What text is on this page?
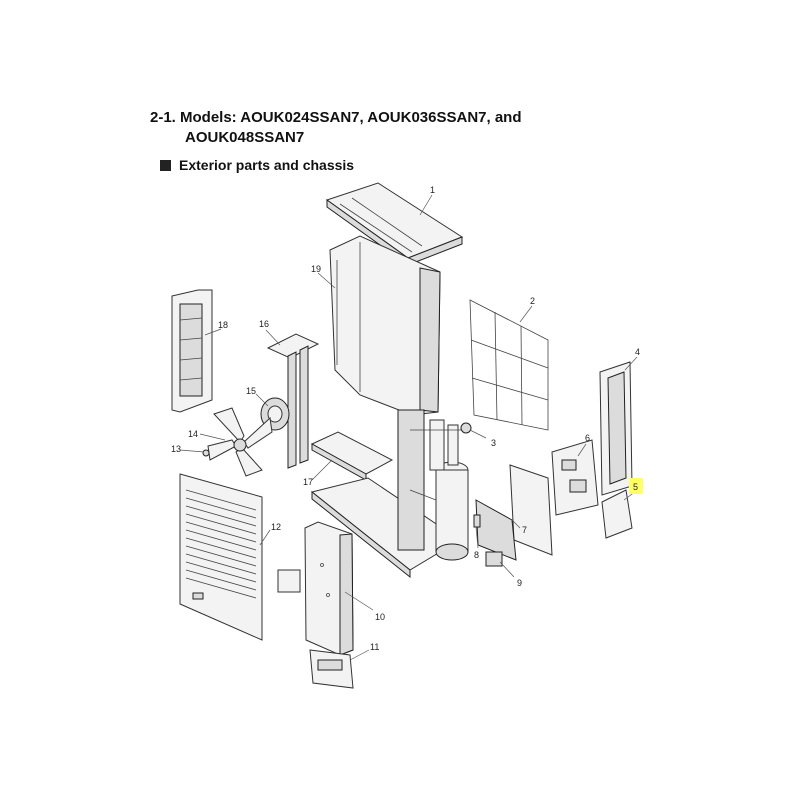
2-1. Models: AOUK024SSAN7, AOUK036SSAN7, and
AOUK048SSAN7
Exterior parts and chassis
1
2
3
4
5
6
7
8
9
10
11
12
13
14
15
16
17
18
19
